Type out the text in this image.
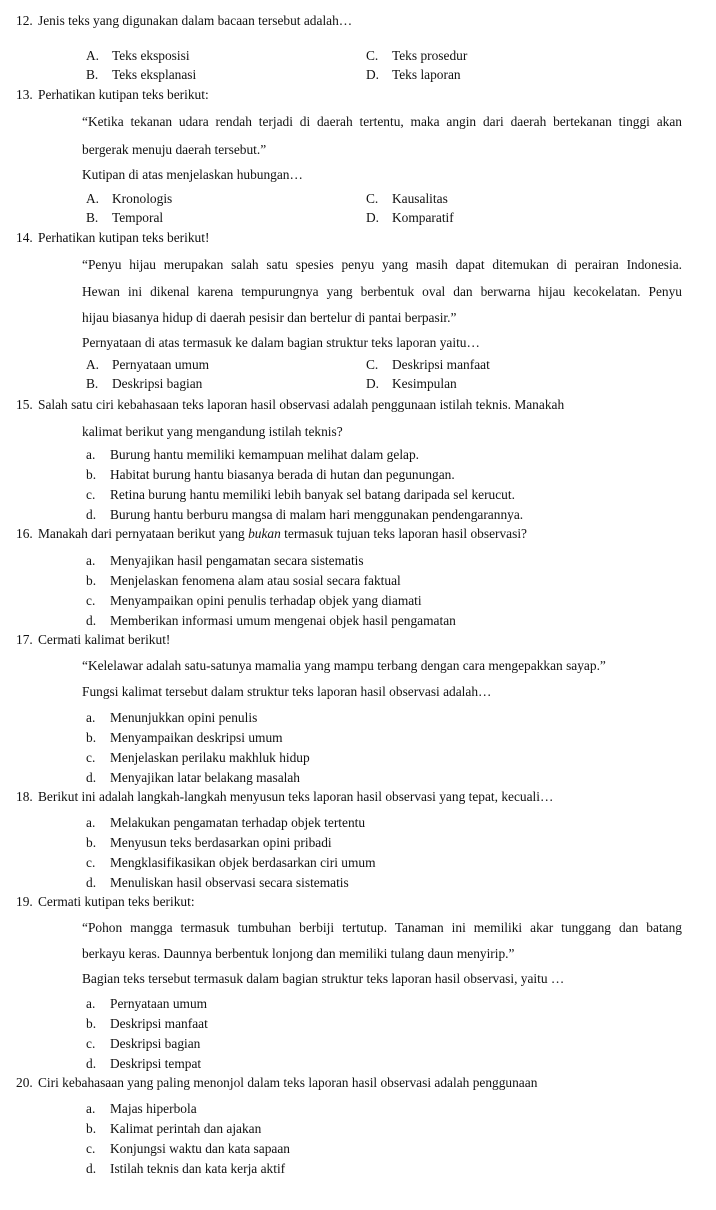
12. Jenis teks yang digunakan dalam bacaan tersebut adalah…
A. Teks eksposisi	C. Teks prosedur
B. Teks eksplanasi	D. Teks laporan
13. Perhatikan kutipan teks berikut:
“Ketika tekanan udara rendah terjadi di daerah tertentu, maka angin dari daerah bertekanan tinggi akan
bergerak menuju daerah tersebut.”
Kutipan di atas menjelaskan hubungan…
A. Kronologis	C. Kausalitas
B. Temporal	D. Komparatif
14. Perhatikan kutipan teks berikut!
“Penyu hijau merupakan salah satu spesies penyu yang masih dapat ditemukan di perairan Indonesia.
Hewan ini dikenal karena tempurungnya yang berbentuk oval dan berwarna hijau kecokelatan. Penyu
hijau biasanya hidup di daerah pesisir dan bertelur di pantai berpasir.”
Pernyataan di atas termasuk ke dalam bagian struktur teks laporan yaitu…
A. Pernyataan umum	C. Deskripsi manfaat
B. Deskripsi bagian	D. Kesimpulan
15. Salah satu ciri kebahasaan teks laporan hasil observasi adalah penggunaan istilah teknis. Manakah
kalimat berikut yang mengandung istilah teknis?
a. Burung hantu memiliki kemampuan melihat dalam gelap.
b. Habitat burung hantu biasanya berada di hutan dan pegunungan.
c. Retina burung hantu memiliki lebih banyak sel batang daripada sel kerucut.
d. Burung hantu berburu mangsa di malam hari menggunakan pendengarannya.
16. Manakah dari pernyataan berikut yang bukan termasuk tujuan teks laporan hasil observasi?
a. Menyajikan hasil pengamatan secara sistematis
b. Menjelaskan fenomena alam atau sosial secara faktual
c. Menyampaikan opini penulis terhadap objek yang diamati
d. Memberikan informasi umum mengenai objek hasil pengamatan
17. Cermati kalimat berikut!
“Kelelawar adalah satu-satunya mamalia yang mampu terbang dengan cara mengepakkan sayap.”
Fungsi kalimat tersebut dalam struktur teks laporan hasil observasi adalah…
a. Menunjukkan opini penulis
b. Menyampaikan deskripsi umum
c. Menjelaskan perilaku makhluk hidup
d. Menyajikan latar belakang masalah
18. Berikut ini adalah langkah-langkah menyusun teks laporan hasil observasi yang tepat, kecuali…
a. Melakukan pengamatan terhadap objek tertentu
b. Menyusun teks berdasarkan opini pribadi
c. Mengklasifikasikan objek berdasarkan ciri umum
d. Menuliskan hasil observasi secara sistematis
19. Cermati kutipan teks berikut:
“Pohon mangga termasuk tumbuhan berbiji tertutup. Tanaman ini memiliki akar tunggang dan batang
berkayu keras. Daunnya berbentuk lonjong dan memiliki tulang daun menyirip.”
Bagian teks tersebut termasuk dalam bagian struktur teks laporan hasil observasi, yaitu …
a. Pernyataan umum
b. Deskripsi manfaat
c. Deskripsi bagian
d. Deskripsi tempat
20. Ciri kebahasaan yang paling menonjol dalam teks laporan hasil observasi adalah penggunaan
a. Majas hiperbola
b. Kalimat perintah dan ajakan
c. Konjungsi waktu dan kata sapaan
d. Istilah teknis dan kata kerja aktif
